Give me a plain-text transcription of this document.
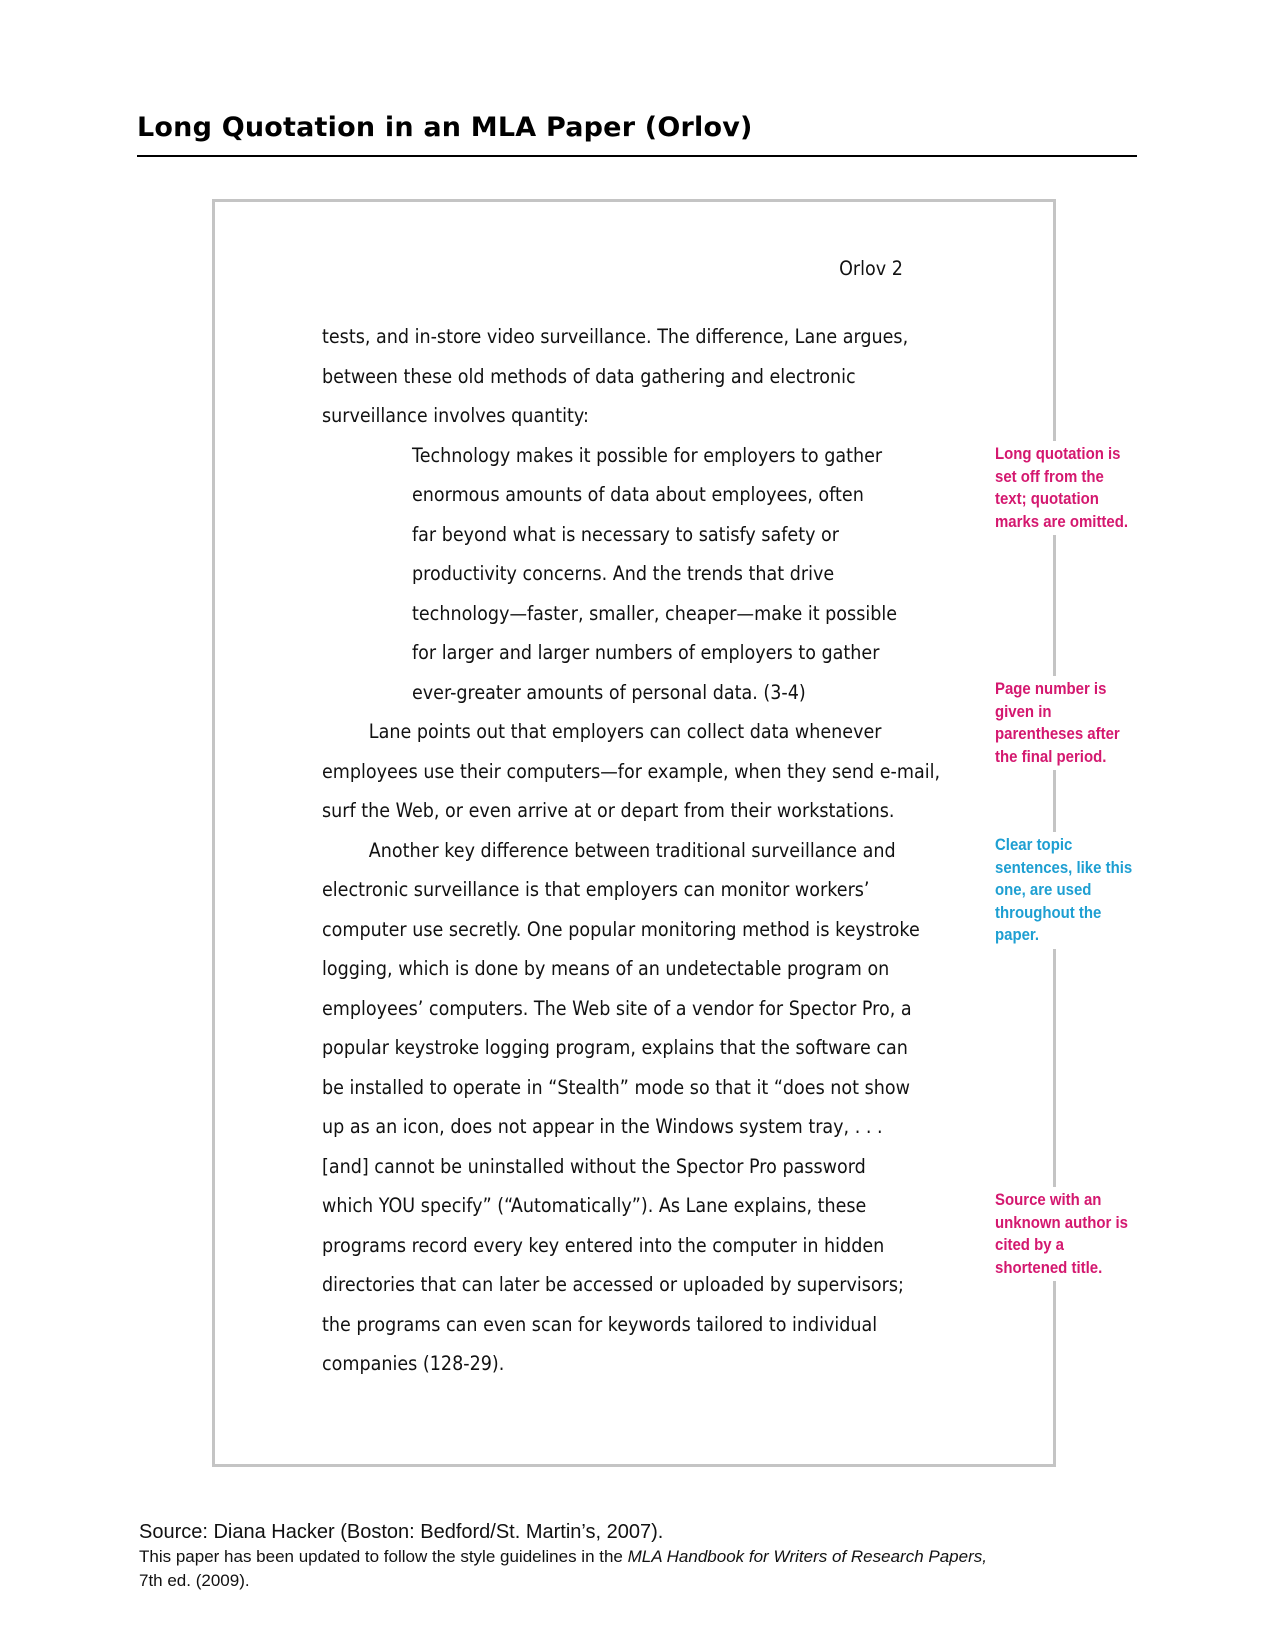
Long Quotation in an MLA Paper (Orlov)
Orlov 2
tests, and in-store video surveillance. The difference, Lane argues,
between these old methods of data gathering and electronic
surveillance involves quantity:
Technology makes it possible for employers to gather
enormous amounts of data about employees, often
far beyond what is necessary to satisfy safety or
productivity concerns. And the trends that drive
technology—faster, smaller, cheaper—make it possible
for larger and larger numbers of employers to gather
ever-greater amounts of personal data. (3-4)
Lane points out that employers can collect data whenever
employees use their computers—for example, when they send e-mail,
surf the Web, or even arrive at or depart from their workstations.
Another key difference between traditional surveillance and
electronic surveillance is that employers can monitor workers’
computer use secretly. One popular monitoring method is keystroke
logging, which is done by means of an undetectable program on
employees’ computers. The Web site of a vendor for Spector Pro, a
popular keystroke logging program, explains that the software can
be installed to operate in “Stealth” mode so that it “does not show
up as an icon, does not appear in the Windows system tray, . . .
[and] cannot be uninstalled without the Spector Pro password
which YOU specify” (“Automatically”). As Lane explains, these
programs record every key entered into the computer in hidden
directories that can later be accessed or uploaded by supervisors;
the programs can even scan for keywords tailored to individual
companies (128-29).
Long quotation is set off from the text; quotation marks are omitted.
Page number is given in parentheses after the final period.
Clear topic sentences, like this one, are used throughout the paper.
Source with an unknown author is cited by a shortened title.
Source: Diana Hacker (Boston: Bedford/St. Martin’s, 2007).
This paper has been updated to follow the style guidelines in the MLA Handbook for Writers of Research Papers,
7th ed. (2009).
